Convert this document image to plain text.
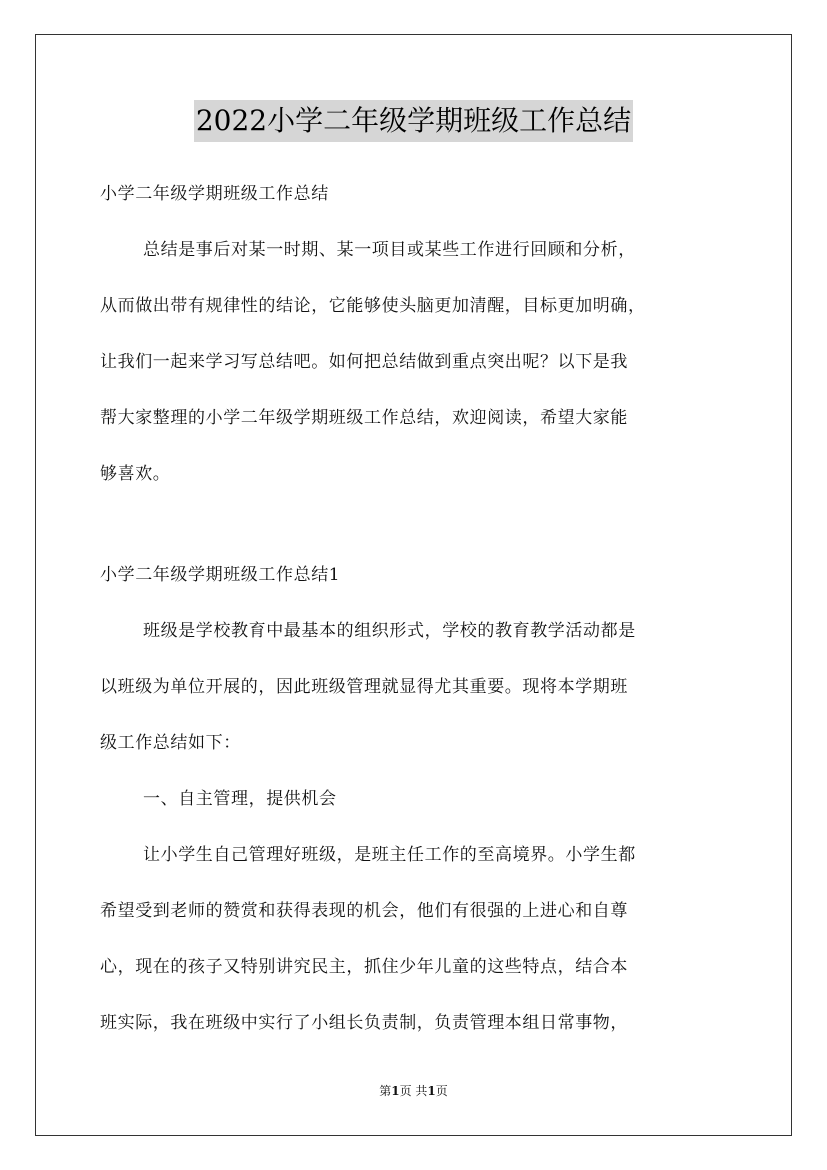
2022小学二年级学期班级工作总结
小学二年级学期班级工作总结
总结是事后对某一时期、某一项目或某些工作进行回顾和分析，
从而做出带有规律性的结论，它能够使头脑更加清醒，目标更加明确，
让我们一起来学习写总结吧。如何把总结做到重点突出呢？以下是我
帮大家整理的小学二年级学期班级工作总结，欢迎阅读，希望大家能
够喜欢。
小学二年级学期班级工作总结1
班级是学校教育中最基本的组织形式，学校的教育教学活动都是
以班级为单位开展的，因此班级管理就显得尤其重要。现将本学期班
级工作总结如下：
一、自主管理，提供机会
让小学生自己管理好班级，是班主任工作的至高境界。小学生都
希望受到老师的赞赏和获得表现的机会，他们有很强的上进心和自尊
心，现在的孩子又特别讲究民主，抓住少年儿童的这些特点，结合本
班实际，我在班级中实行了小组长负责制，负责管理本组日常事物，
第1页 共1页
